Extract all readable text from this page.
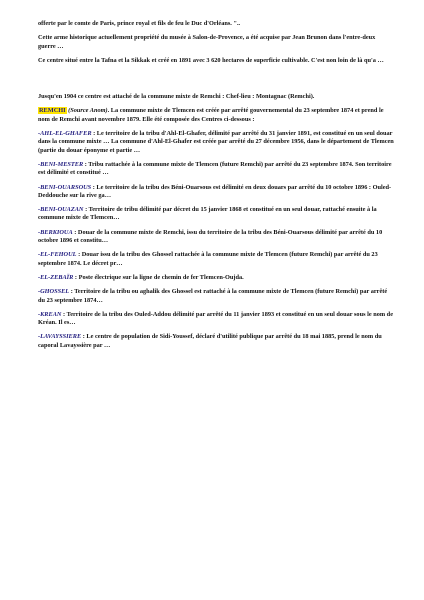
offerte par le comte de Paris, prince royal et fils de feu le Duc d'Orléans. "..

Cette arme historique actuellement propriété du musée à Salon-de-Provence, a été acquise par Jean Brunon dans l'entre-deux guerre …

Ce centre situé entre la Tafna et la Sikkak et créé en 1891 avec 3 620 hectares de superficie cultivable. C'est non loin de là qu'a …

Jusqu'en 1904 ce centre est attaché de la commune mixte de Remchi : Chef-lieu : Montagnac (Remchi).

REMCHI (Source Anom). La commune mixte de Tlemcen est créée par arrêté gouvernemental du 23 septembre 1874 et prend le nom de Remchi avant novembre 1879. Elle été composée des Centres ci-dessous :

-AHL-EL-GHAFER : Le territoire de la tribu d'Ahl-El-Ghafer, délimité par arrêté du 31 janvier 1891, est constitué en un seul douar dans la commune mixte … La commune d'Ahl-El-Ghafer est créée par arrêté du 27 décembre 1956, dans le département de Tlemcen (partie du douar éponyme et partie …

-BENI-MESTER : Tribu rattachée à la commune mixte de Tlemcen (future Remchi) par arrêté du 23 septembre 1874. Son territoire est délimité et constitué …

-BENI-OUARSOUS : Le territoire de la tribu des Béni-Ouarsous est délimité en deux douars par arrêté du 10 octobre 1896 : Ouled-Deddouche sur la rive ga…

-BENI-OUAZAN : Territoire de tribu délimité par décret du 15 janvier 1868 et constitué en un seul douar, rattaché ensuite à la commune mixte de Tlemcen…

-BERKIOUA : Douar de la commune mixte de Remchi, issu du territoire de la tribu des Béni-Ouarsous délimité par arrêté du 10 octobre 1896 et constitu…

-EL-FEHOUL : Douar issu de la tribu des Ghossel rattachée à la commune mixte de Tlemcen (future Remchi) par arrêté du 23 septembre 1874. Le décret pr…

-EL-ZEBAÏR : Poste électrique sur la ligne de chemin de fer Tlemcen-Oujda.

-GHOSSEL : Territoire de la tribu ou aghalik des Ghossel est rattaché à la commune mixte de Tlemcen (future Remchi) par arrêté du 23 septembre 1874…

-KREAN : Territoire de la tribu des Ouled-Addou délimité par arrêté du 11 janvier 1893 et constitué en un seul douar sous le nom de Kréan. Il es…

-LAVAYSSIERE : Le centre de population de Sidi-Youssef, déclaré d'utilité publique par arrêté du 18 mai 1885, prend le nom du caporal Lavayssière par …
